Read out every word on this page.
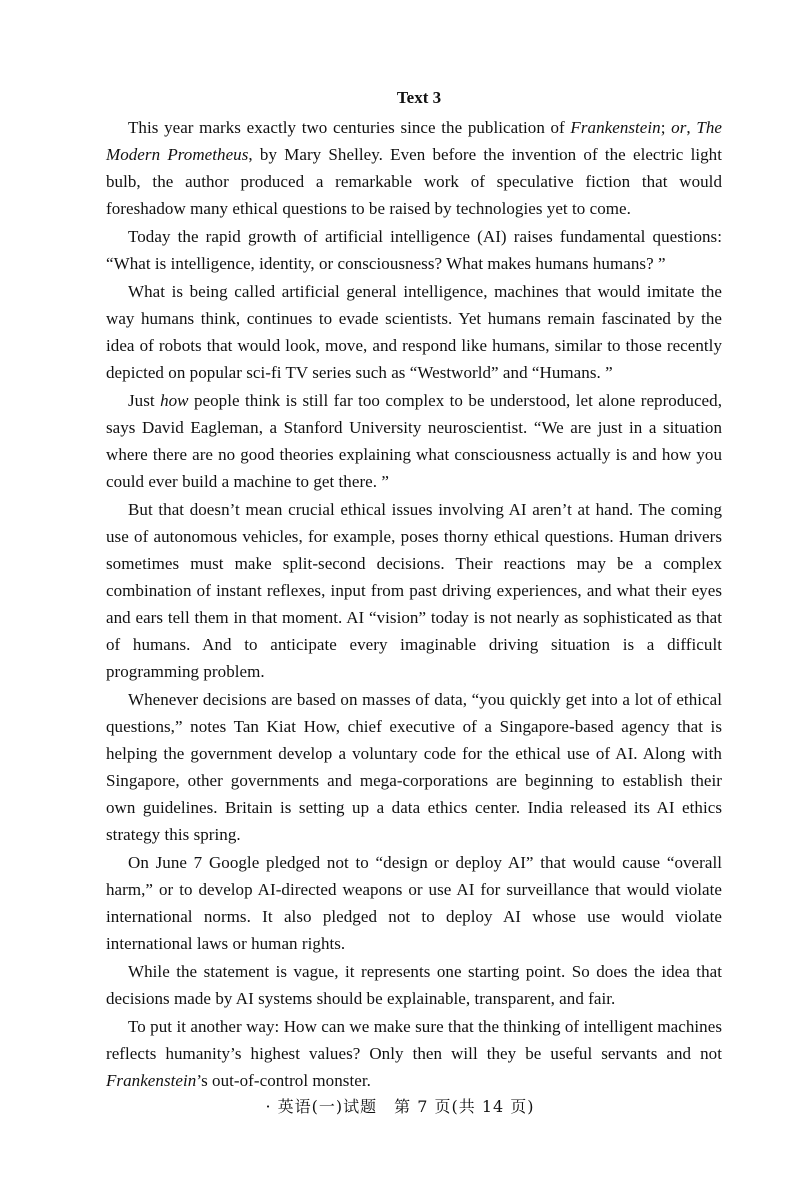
Text 3

This year marks exactly two centuries since the publication of Frankenstein; or, The Modern Prometheus, by Mary Shelley. Even before the invention of the electric light bulb, the author produced a remarkable work of speculative fiction that would foreshadow many ethical questions to be raised by technologies yet to come.

Today the rapid growth of artificial intelligence (AI) raises fundamental questions: “What is intelligence, identity, or consciousness? What makes humans humans? ”

What is being called artificial general intelligence, machines that would imitate the way humans think, continues to evade scientists. Yet humans remain fascinated by the idea of robots that would look, move, and respond like humans, similar to those recently depicted on popular sci-fi TV series such as “Westworld” and “Humans. ”

Just how people think is still far too complex to be understood, let alone reproduced, says David Eagleman, a Stanford University neuroscientist. “We are just in a situation where there are no good theories explaining what consciousness actually is and how you could ever build a machine to get there. ”

But that doesn’t mean crucial ethical issues involving AI aren’t at hand. The coming use of autonomous vehicles, for example, poses thorny ethical questions. Human drivers sometimes must make split-second decisions. Their reactions may be a complex combination of instant reflexes, input from past driving experiences, and what their eyes and ears tell them in that moment. AI “vision” today is not nearly as sophisticated as that of humans. And to anticipate every imaginable driving situation is a difficult programming problem.

Whenever decisions are based on masses of data, “you quickly get into a lot of ethical questions,” notes Tan Kiat How, chief executive of a Singapore-based agency that is helping the government develop a voluntary code for the ethical use of AI. Along with Singapore, other governments and mega-corporations are beginning to establish their own guidelines. Britain is setting up a data ethics center. India released its AI ethics strategy this spring.

On June 7 Google pledged not to “design or deploy AI” that would cause “overall harm,” or to develop AI-directed weapons or use AI for surveillance that would violate international norms. It also pledged not to deploy AI whose use would violate international laws or human rights.

While the statement is vague, it represents one starting point. So does the idea that decisions made by AI systems should be explainable, transparent, and fair.

To put it another way: How can we make sure that the thinking of intelligent machines reflects humanity’s highest values? Only then will they be useful servants and not Frankenstein’s out-of-control monster.

· 英语(一)试题　第 7 页(共 14 页)
